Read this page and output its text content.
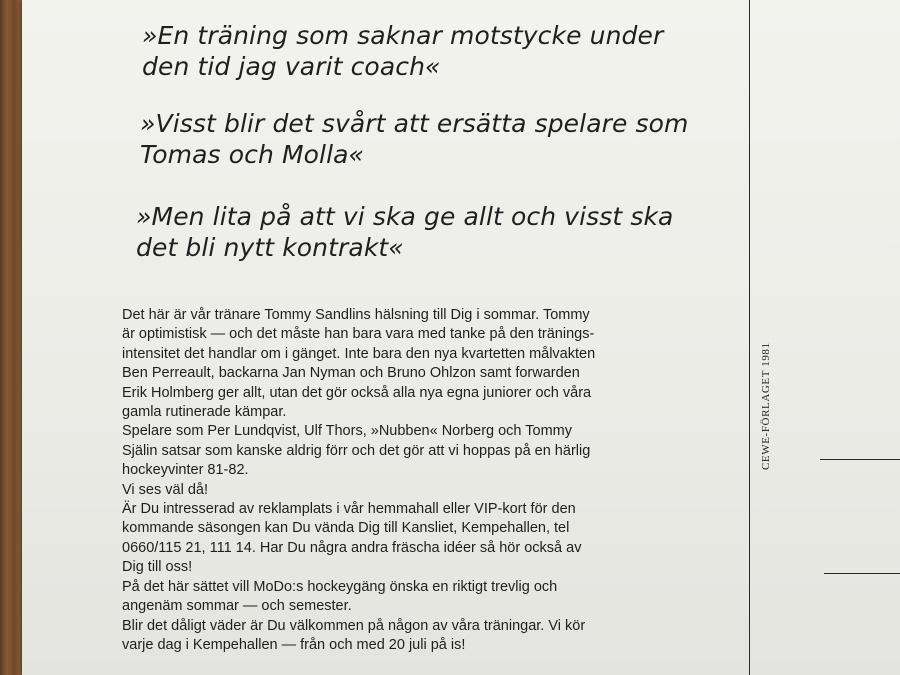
»En träning som saknar motstycke under
den tid jag varit coach«
»Visst blir det svårt att ersätta spelare som
Tomas och Molla«
»Men lita på att vi ska ge allt och visst ska
det bli nytt kontrakt«

Det här är vår tränare Tommy Sandlins hälsning till Dig i sommar. Tommy

är optimistisk — och det måste han bara vara med tanke på den tränings-

intensitet det handlar om i gänget. Inte bara den nya kvartetten målvakten

Ben Perreault, backarna Jan Nyman och Bruno Ohlzon samt forwarden

Erik Holmberg ger allt, utan det gör också alla nya egna juniorer och våra

gamla rutinerade kämpar.

Spelare som Per Lundqvist, Ulf Thors, »Nubben« Norberg och Tommy

Själin satsar som kanske aldrig förr och det gör att vi hoppas på en härlig

hockeyvinter 81-82.

Vi ses väl då!

Är Du intresserad av reklamplats i vår hemmahall eller VIP-kort för den

kommande säsongen kan Du vända Dig till Kansliet, Kempehallen, tel

0660/115 21, 111 14. Har Du några andra fräscha idéer så hör också av

Dig till oss!

På det här sättet vill MoDo:s hockeygäng önska en riktigt trevlig och

angenäm sommar — och semester.

Blir det dåligt väder är Du välkommen på någon av våra träningar. Vi kör

varje dag i Kempehallen — från och med 20 juli på is!

CEWE-FÖRLAGET 1981
